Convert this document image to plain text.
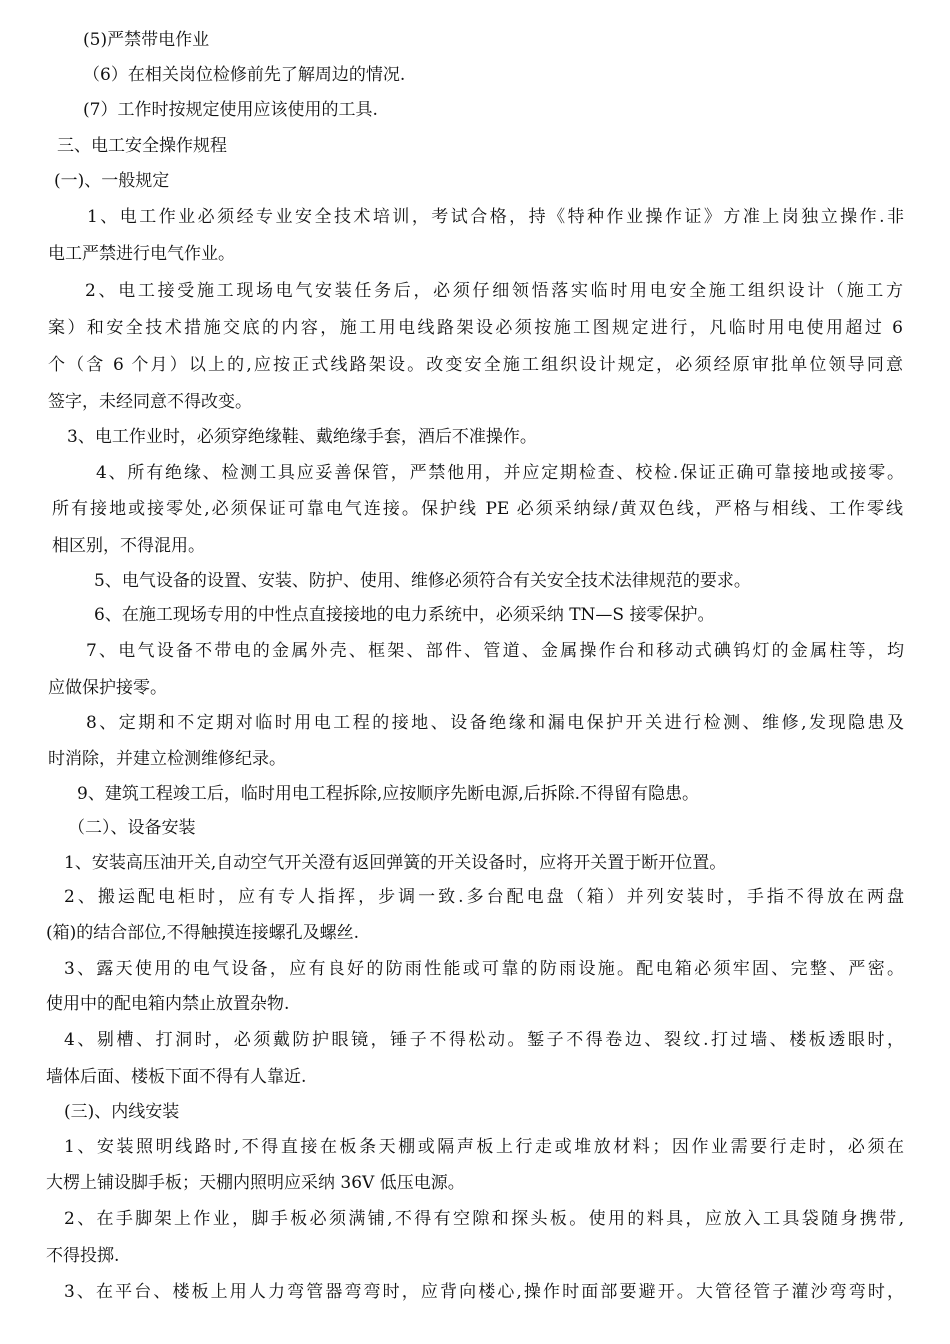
(5)严禁带电作业
（6）在相关岗位检修前先了解周边的情况.
(7）工作时按规定使用应该使用的工具.
三、电工安全操作规程
(一)、一般规定
1、电工作业必须经专业安全技术培训，考试合格，持《特种作业操作证》方准上岗独立操作.非
电工严禁进行电气作业。
2、电工接受施工现场电气安装任务后，必须仔细领悟落实临时用电安全施工组织设计（施工方
案）和安全技术措施交底的内容，施工用电线路架设必须按施工图规定进行，凡临时用电使用超过 6
个（含 6 个月）以上的,应按正式线路架设。改变安全施工组织设计规定，必须经原审批单位领导同意
签字，未经同意不得改变。
3、电工作业时，必须穿绝缘鞋、戴绝缘手套，酒后不准操作。
4、所有绝缘、检测工具应妥善保管，严禁他用，并应定期检查、校检.保证正确可靠接地或接零。
所有接地或接零处,必须保证可靠电气连接。保护线 PE 必须采纳绿/黄双色线，严格与相线、工作零线
相区别，不得混用。
5、电气设备的设置、安装、防护、使用、维修必须符合有关安全技术法律规范的要求。
6、在施工现场专用的中性点直接接地的电力系统中，必须采纳 TN—S 接零保护。
7、电气设备不带电的金属外壳、框架、部件、管道、金属操作台和移动式碘钨灯的金属柱等，均
应做保护接零。
8、定期和不定期对临时用电工程的接地、设备绝缘和漏电保护开关进行检测、维修,发现隐患及
时消除，并建立检测维修纪录。
9、建筑工程竣工后，临时用电工程拆除,应按顺序先断电源,后拆除.不得留有隐患。
（二）、设备安装
1、安装高压油开关,自动空气开关澄有返回弹簧的开关设备时，应将开关置于断开位置。
2、搬运配电柜时，应有专人指挥，步调一致.多台配电盘（箱）并列安装时，手指不得放在两盘
(箱)的结合部位,不得触摸连接螺孔及螺丝.
3、露天使用的电气设备，应有良好的防雨性能或可靠的防雨设施。配电箱必须牢固、完整、严密。
使用中的配电箱内禁止放置杂物.
4、剔槽、打洞时，必须戴防护眼镜，锤子不得松动。錾子不得卷边、裂纹.打过墙、楼板透眼时，
墙体后面、楼板下面不得有人靠近.
(三)、内线安装
1、安装照明线路时,不得直接在板条天棚或隔声板上行走或堆放材料；因作业需要行走时，必须在
大楞上铺设脚手板；天棚内照明应采纳 36V 低压电源。
2、在手脚架上作业，脚手板必须满铺,不得有空隙和探头板。使用的料具，应放入工具袋随身携带,
不得投掷.
3、在平台、楼板上用人力弯管器弯弯时，应背向楼心,操作时面部要避开。大管径管子灌沙弯弯时，
